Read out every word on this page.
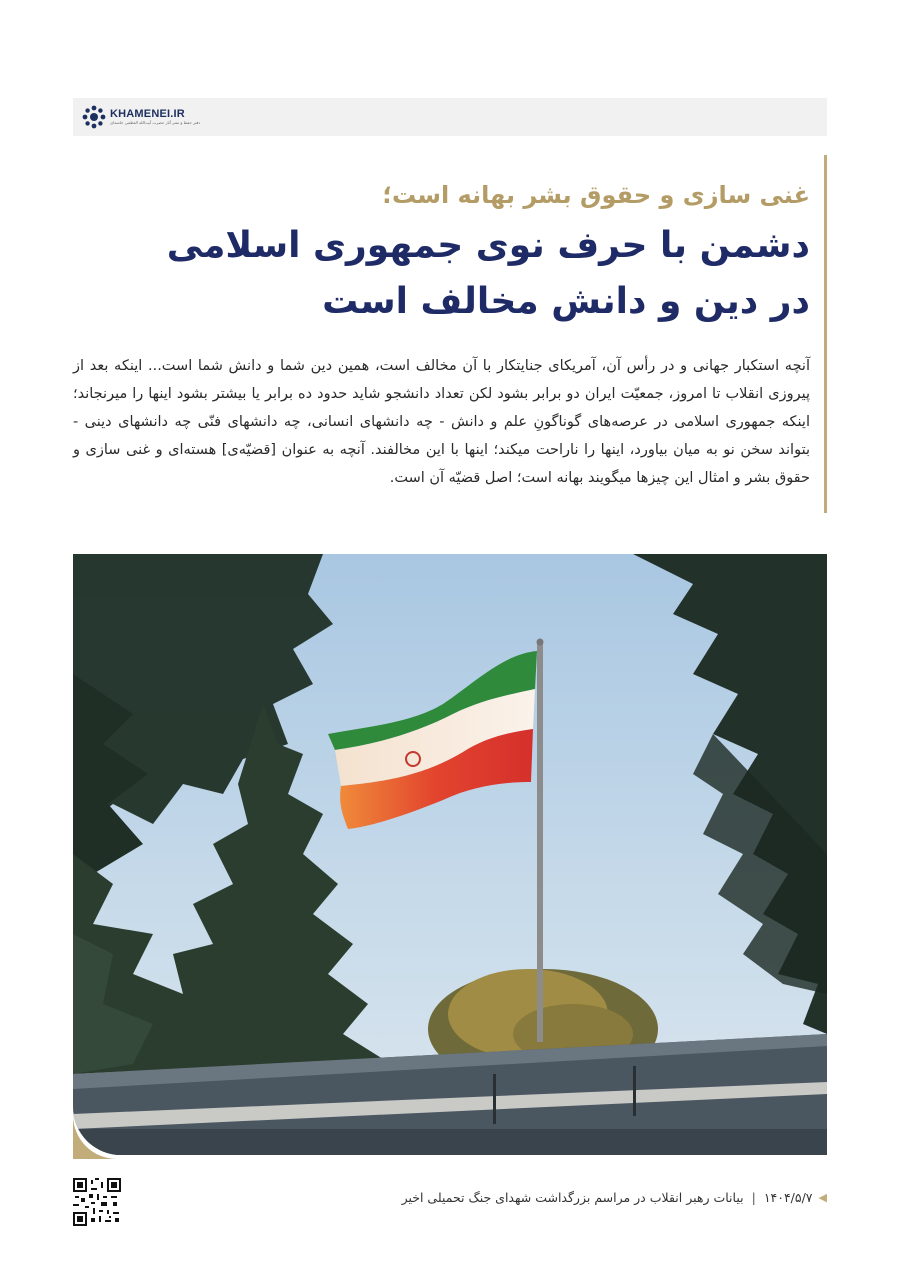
KHAMENEI.IR
دفتر حفظ و نشر آثار حضرت آیت‌الله العظمی خامنه‌ای
غنی سازی و حقوق بشر بهانه است؛
دشمن با حرف نوی جمهوری اسلامی
در دین و دانش مخالف است

آنچه استکبار جهانی و در رأس آن، آمریکای جنایتکار با آن مخالف است، همین دین شما و دانش شما است... اینکه بعد از پیروزی انقلاب تا امروز، جمعیّت ایران دو برابر بشود لکن تعداد دانشجو شاید حدود ده برابر یا بیشتر بشود اینها را میرنجاند؛ اینکه جمهوری اسلامی در عرصه‌های گوناگونِ علم و دانش - چه دانشهای انسانی، چه دانشهای فنّی چه دانشهای دینی - بتواند سخن نو به میان بیاورد، اینها را ناراحت میکند؛ اینها با این مخالفند. آنچه به عنوان [قضیّه‌ی] هسته‌ای و غنی سازی و حقوق بشر و امثال این چیزها میگویند بهانه است؛ اصل قضیّه آن است.

◀
۱۴۰۴/۵/۷
|
بیانات رهبر انقلاب در مراسم بزرگداشت شهدای جنگ تحمیلی اخیر
